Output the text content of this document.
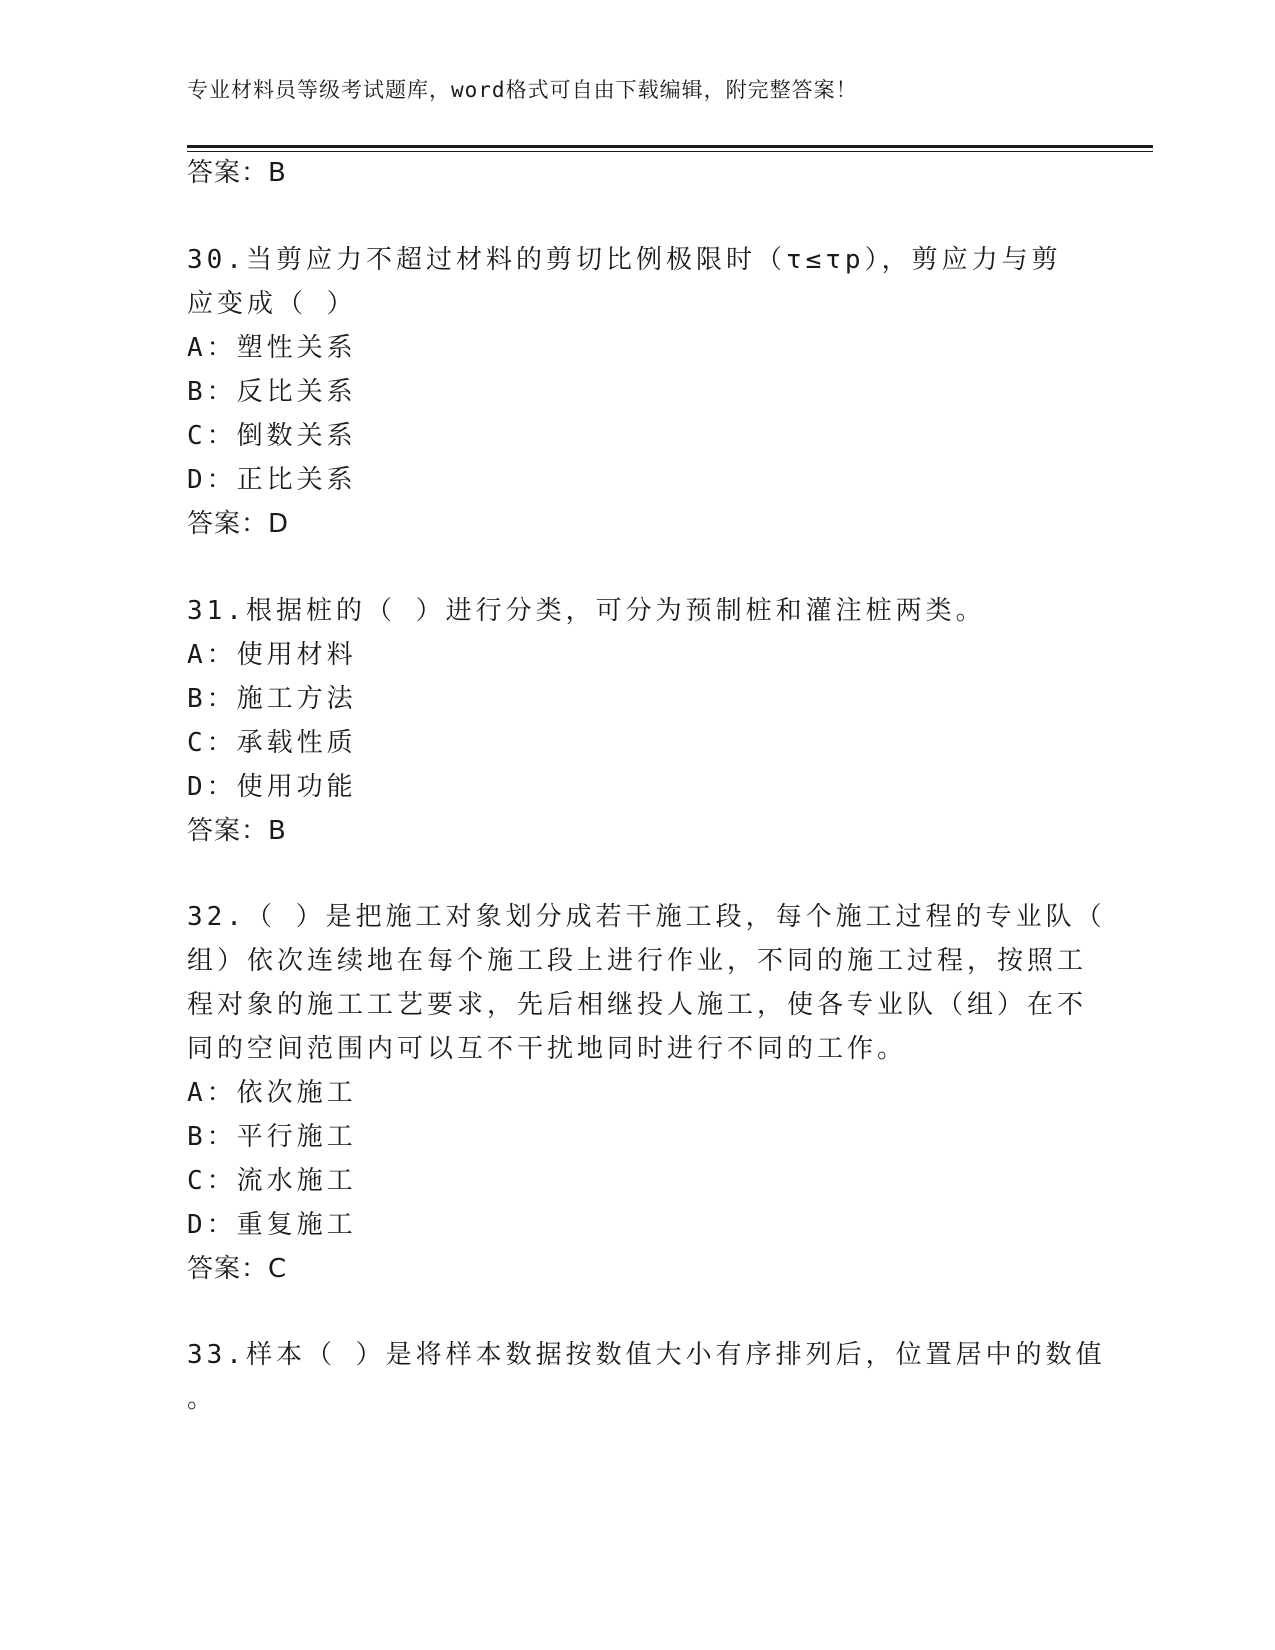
专业材料员等级考试题库，word格式可自由下载编辑，附完整答案！
答案：B
30.当剪应力不超过材料的剪切比例极限时（τ≤τp），剪应力与剪
应变成（ ）
A：塑性关系
B：反比关系
C：倒数关系
D：正比关系
答案：D
31.根据桩的（ ）进行分类，可分为预制桩和灌注桩两类。
A：使用材料
B：施工方法
C：承载性质
D：使用功能
答案：B
32.（ ）是把施工对象划分成若干施工段，每个施工过程的专业队（
组）依次连续地在每个施工段上进行作业，不同的施工过程，按照工
程对象的施工工艺要求，先后相继投人施工，使各专业队（组）在不
同的空间范围内可以互不干扰地同时进行不同的工作。
A：依次施工
B：平行施工
C：流水施工
D：重复施工
答案：C
33.样本（ ）是将样本数据按数值大小有序排列后，位置居中的数值
。
